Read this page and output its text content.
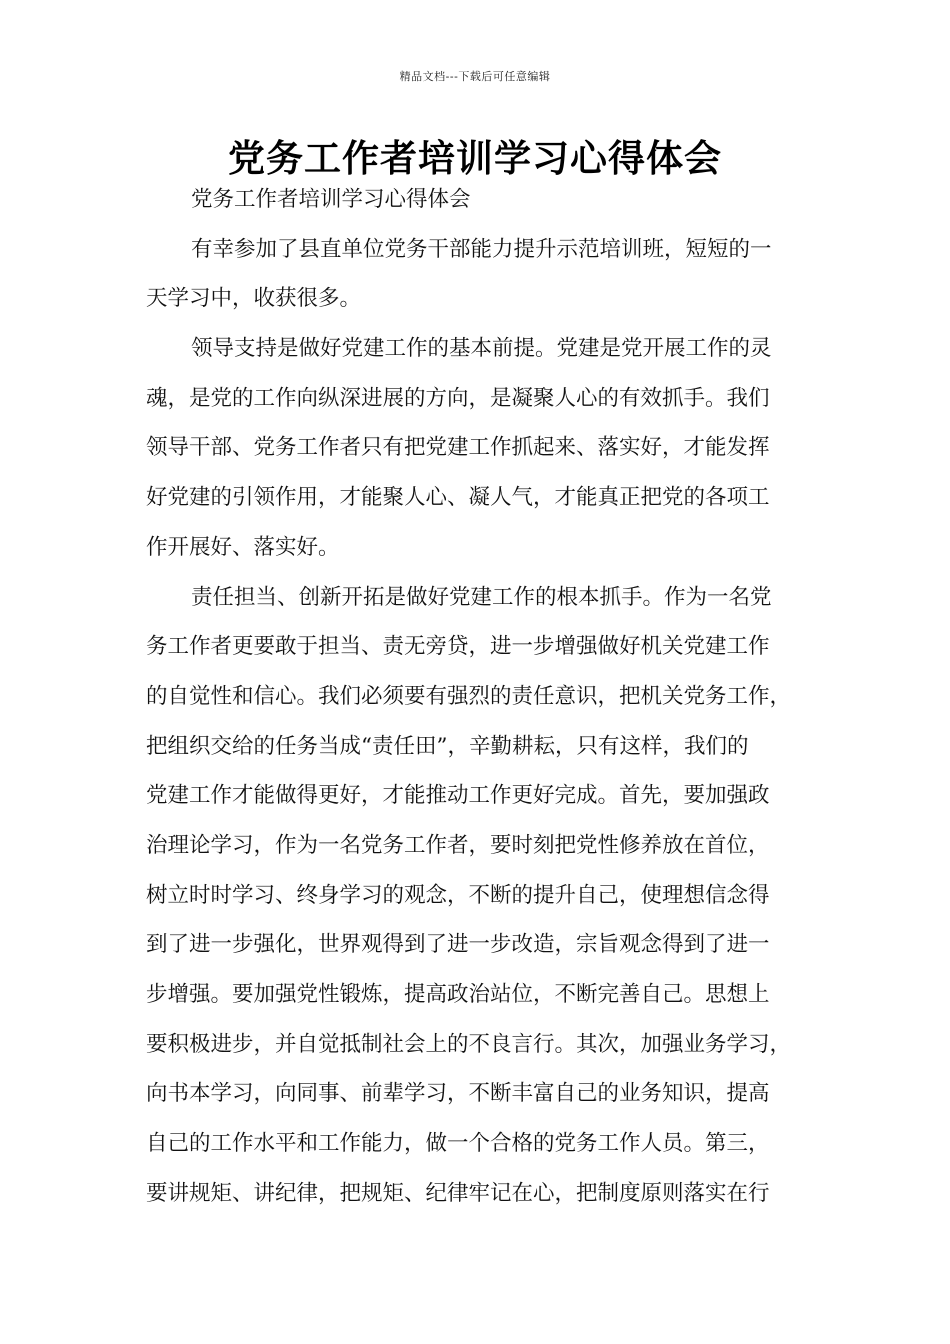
精品文档---下载后可任意编辑
党务工作者培训学习心得体会
党务工作者培训学习心得体会
有幸参加了县直单位党务干部能力提升示范培训班，短短的一
天学习中，收获很多。
领导支持是做好党建工作的基本前提。党建是党开展工作的灵
魂，是党的工作向纵深进展的方向，是凝聚人心的有效抓手。我们
领导干部、党务工作者只有把党建工作抓起来、落实好，才能发挥
好党建的引领作用，才能聚人心、凝人气，才能真正把党的各项工
作开展好、落实好。
责任担当、创新开拓是做好党建工作的根本抓手。作为一名党
务工作者更要敢于担当、责无旁贷，进一步增强做好机关党建工作
的自觉性和信心。我们必须要有强烈的责任意识，把机关党务工作，
把组织交给的任务当成“责任田”，辛勤耕耘，只有这样，我们的
党建工作才能做得更好，才能推动工作更好完成。首先，要加强政
治理论学习，作为一名党务工作者，要时刻把党性修养放在首位，
树立时时学习、终身学习的观念，不断的提升自己，使理想信念得
到了进一步强化，世界观得到了进一步改造，宗旨观念得到了进一
步增强。要加强党性锻炼，提高政治站位，不断完善自己。思想上
要积极进步，并自觉抵制社会上的不良言行。其次，加强业务学习，
向书本学习，向同事、前辈学习，不断丰富自己的业务知识，提高
自己的工作水平和工作能力，做一个合格的党务工作人员。第三，
要讲规矩、讲纪律，把规矩、纪律牢记在心，把制度原则落实在行
